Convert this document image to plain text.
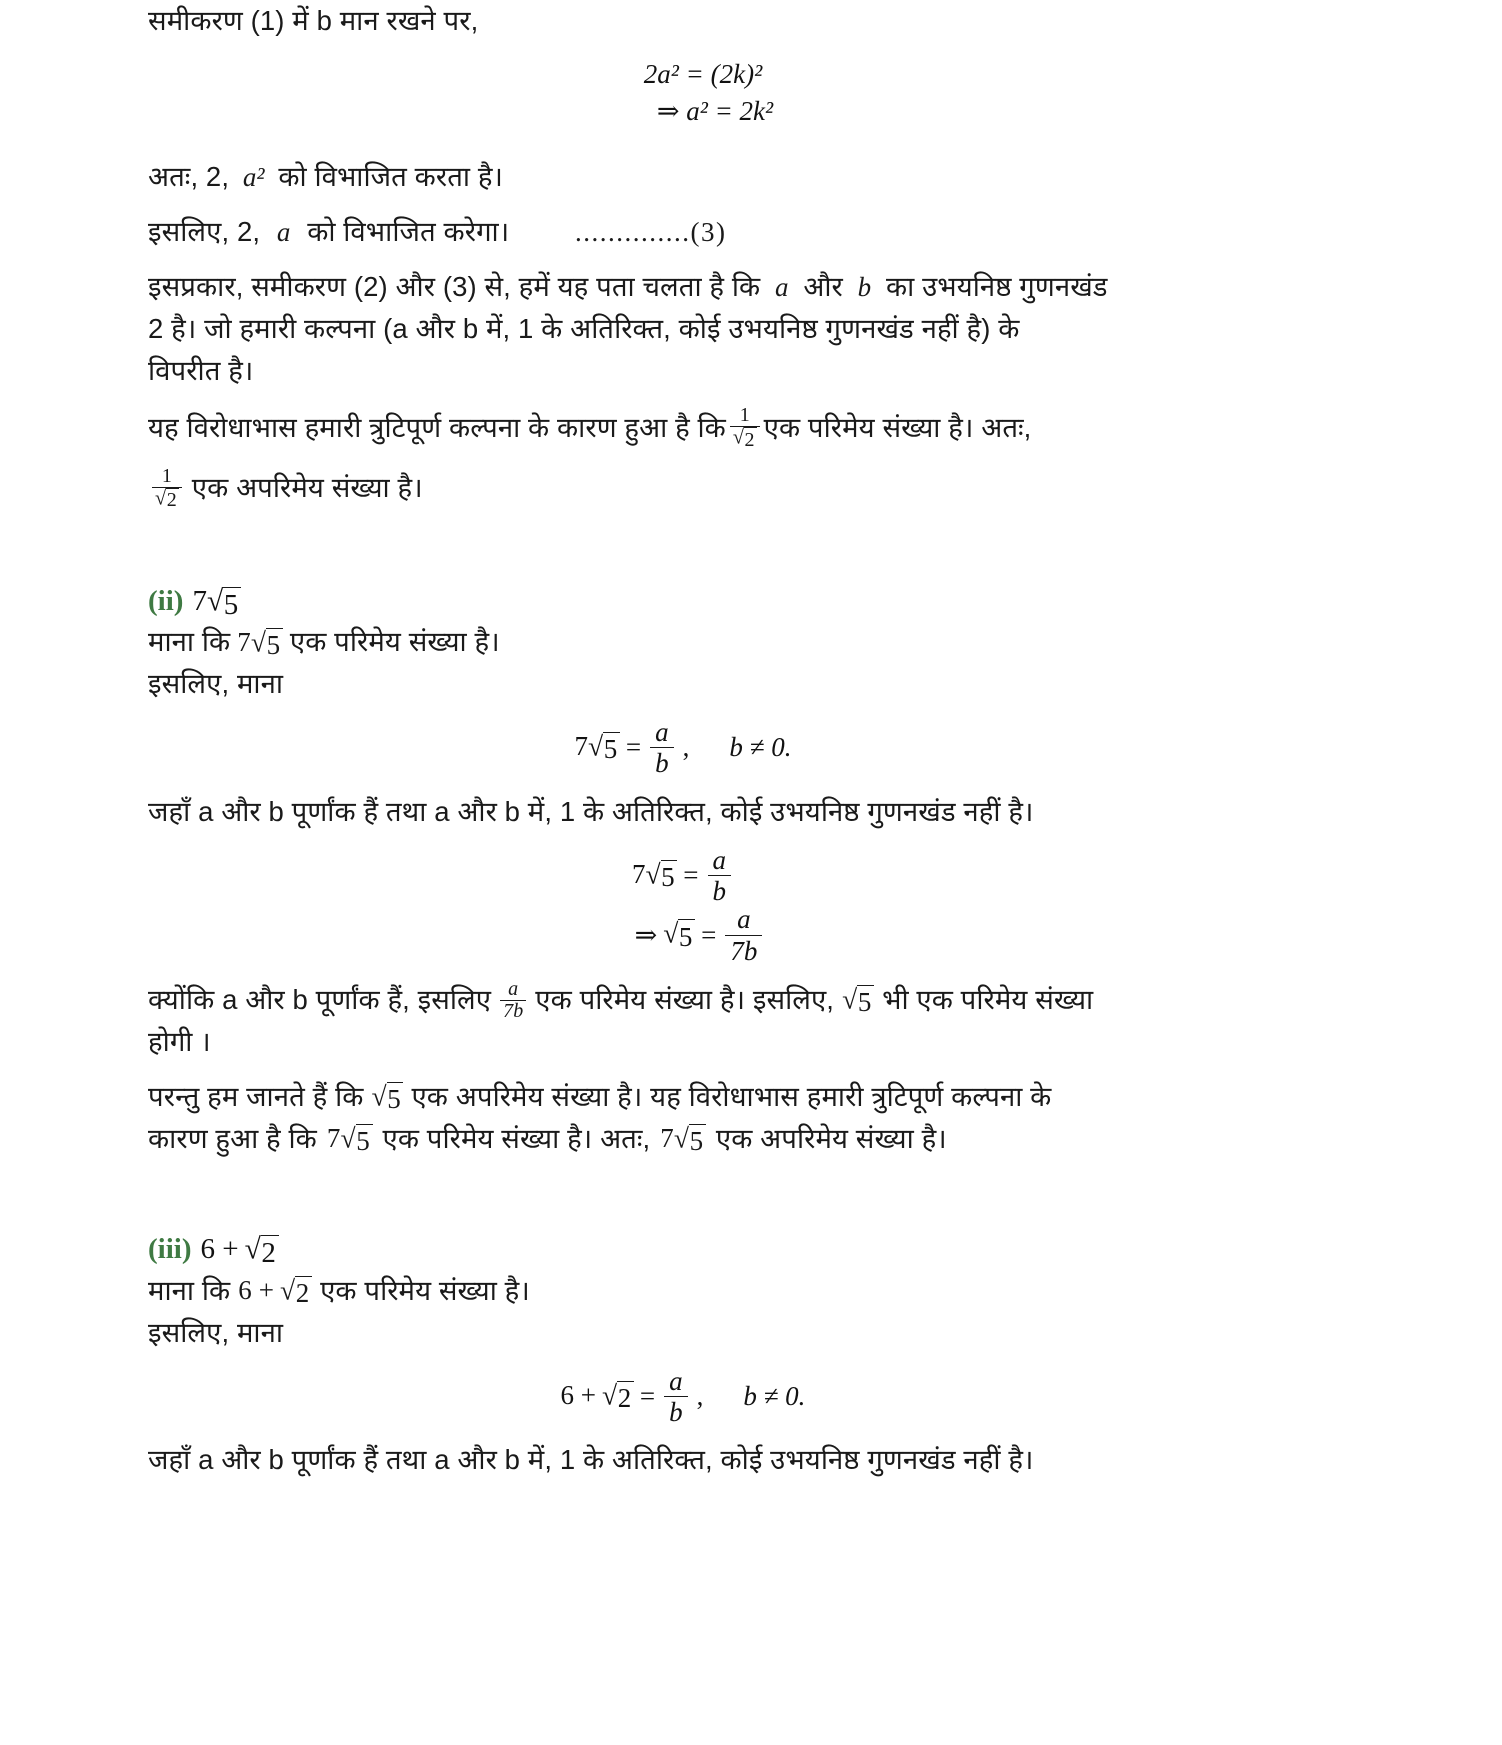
समीकरण (1) में b मान रखने पर,
2a² = (2k)²
⇒ a² = 2k²
अतः, 2, a² को विभाजित करता है।
इसलिए, 2, a को विभाजित करेगा। ..............(3)
इसप्रकार, समीकरण (2) और (3) से, हमें यह पता चलता है कि a और b का उभयनिष्ठ गुणनखंड
2 है। जो हमारी कल्पना (a और b में, 1 के अतिरिक्त, कोई उभयनिष्ठ गुणनखंड नहीं है) के
विपरीत है।
यह विरोधाभास हमारी त्रुटिपूर्ण कल्पना के कारण हुआ है कि $\frac{1}{√ 2}$ एक परिमेय संख्या है। अतः,
$\frac{1}{√ 2}$ एक अपरिमेय संख्या है।
(ii) 7 √ 5
माना कि 7 √ 5 एक परिमेय संख्या है।
इसलिए, माना
7 √ $5 = \frac{a}{b}$ ,	b ≠ 0.
जहाँ a और b पूर्णांक हैं तथा a और b में, 1 के अतिरिक्त, कोई उभयनिष्ठ गुणनखंड नहीं है।
7 √ $5 = \frac{a}{b}$
⇒ √ $5 = \frac{a}{7b}$
क्योंकि a और b पूर्णांक हैं, इसलिए $\frac{a}{7b}$ एक परिमेय संख्या है। इसलिए, √ 5 भी एक परिमेय संख्या
होगी ।
परन्तु हम जानते हैं कि √ 5 एक अपरिमेय संख्या है। यह विरोधाभास हमारी त्रुटिपूर्ण कल्पना के
कारण हुआ है कि 7 √ 5 एक परिमेय संख्या है। अतः, 7 √ 5 एक अपरिमेय संख्या है।
(iii) 6 + √ 2
माना कि 6 + √ 2 एक परिमेय संख्या है।
इसलिए, माना
6 + √ $2 = \frac{a}{b}$ ,	b ≠ 0.
जहाँ a और b पूर्णांक हैं तथा a और b में, 1 के अतिरिक्त, कोई उभयनिष्ठ गुणनखंड नहीं है।
